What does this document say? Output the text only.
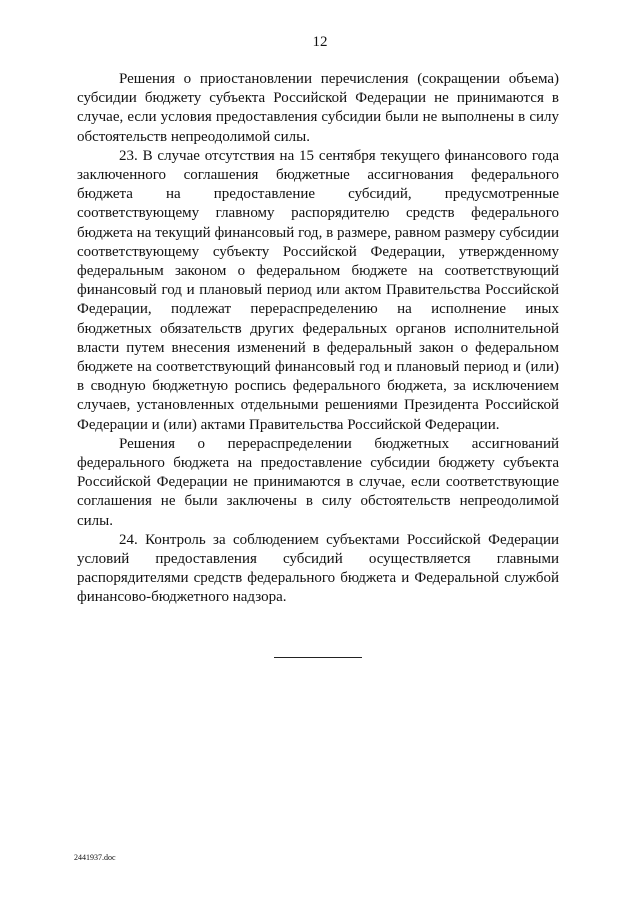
12

Решения о приостановлении перечисления (сокращении объема) субсидии бюджету субъекта Российской Федерации не принимаются в случае, если условия предоставления субсидии были не выполнены в силу обстоятельств непреодолимой силы.

23. В случае отсутствия на 15 сентября текущего финансового года заключенного соглашения бюджетные ассигнования федерального бюджета на предоставление субсидий, предусмотренные соответствующему главному распорядителю средств федерального бюджета на текущий финансовый год, в размере, равном размеру субсидии соответствующему субъекту Российской Федерации, утвержденному федеральным законом о федеральном бюджете на соответствующий финансовый год и плановый период или актом Правительства Российской Федерации, подлежат перераспределению на исполнение иных бюджетных обязательств других федеральных органов исполнительной власти путем внесения изменений в федеральный закон о федеральном бюджете на соответствующий финансовый год и плановый период и (или) в сводную бюджетную роспись федерального бюджета, за исключением случаев, установленных отдельными решениями Президента Российской Федерации и (или) актами Правительства Российской Федерации.

Решения о перераспределении бюджетных ассигнований федерального бюджета на предоставление субсидии бюджету субъекта Российской Федерации не принимаются в случае, если соответствующие соглашения не были заключены в силу обстоятельств непреодолимой силы.

24. Контроль за соблюдением субъектами Российской Федерации условий предоставления субсидий осуществляется главными распорядителями средств федерального бюджета и Федеральной службой финансово-бюджетного надзора.

2441937.doc
